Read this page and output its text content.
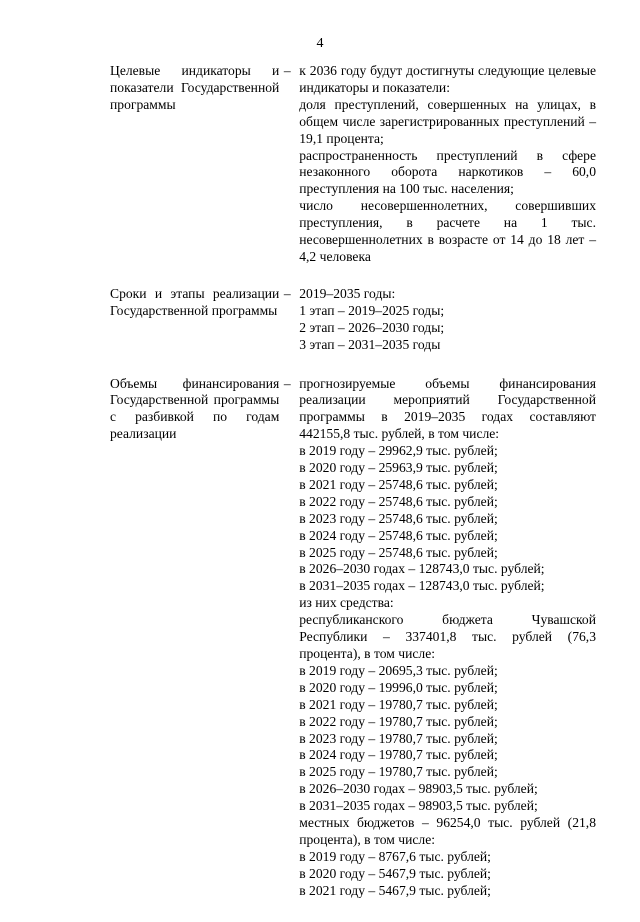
4
Целевые индикаторы и показатели Государственной программы
– к 2036 году будут достигнуты следующие целевые индикаторы и показатели:

доля преступлений, совершенных на улицах, в общем числе зарегистрированных преступлений – 19,1 процента;

распространенность преступлений в сфере незаконного оборота наркотиков – 60,0 преступления на 100 тыс. населения;

число несовершеннолетних, совершивших преступления, в расчете на 1 тыс. несовершеннолетних в возрасте от 14 до 18 лет – 4,2 человека

Сроки и этапы реализации Государственной программы
– 2019–2035 годы:

1 этап – 2019–2025 годы;

2 этап – 2026–2030 годы;

3 этап – 2031–2035 годы

Объемы финансирования Государственной программы с разбивкой по годам реализации
– прогнозируемые объемы финансирования реализации мероприятий Государственной программы в 2019–2035 годах составляют 442155,8 тыс. рублей, в том числе:

в 2019 году – 29962,9 тыс. рублей;

в 2020 году – 25963,9 тыс. рублей;

в 2021 году – 25748,6 тыс. рублей;

в 2022 году – 25748,6 тыс. рублей;

в 2023 году – 25748,6 тыс. рублей;

в 2024 году – 25748,6 тыс. рублей;

в 2025 году – 25748,6 тыс. рублей;

в 2026–2030 годах – 128743,0 тыс. рублей;

в 2031–2035 годах – 128743,0 тыс. рублей;

из них средства:

республиканского бюджета Чувашской Республики – 337401,8 тыс. рублей (76,3 процента), в том числе:

в 2019 году – 20695,3 тыс. рублей;

в 2020 году – 19996,0 тыс. рублей;

в 2021 году – 19780,7 тыс. рублей;

в 2022 году – 19780,7 тыс. рублей;

в 2023 году – 19780,7 тыс. рублей;

в 2024 году – 19780,7 тыс. рублей;

в 2025 году – 19780,7 тыс. рублей;

в 2026–2030 годах – 98903,5 тыс. рублей;

в 2031–2035 годах – 98903,5 тыс. рублей;

местных бюджетов – 96254,0 тыс. рублей (21,8 процента), в том числе:

в 2019 году – 8767,6 тыс. рублей;

в 2020 году – 5467,9 тыс. рублей;

в 2021 году – 5467,9 тыс. рублей;
